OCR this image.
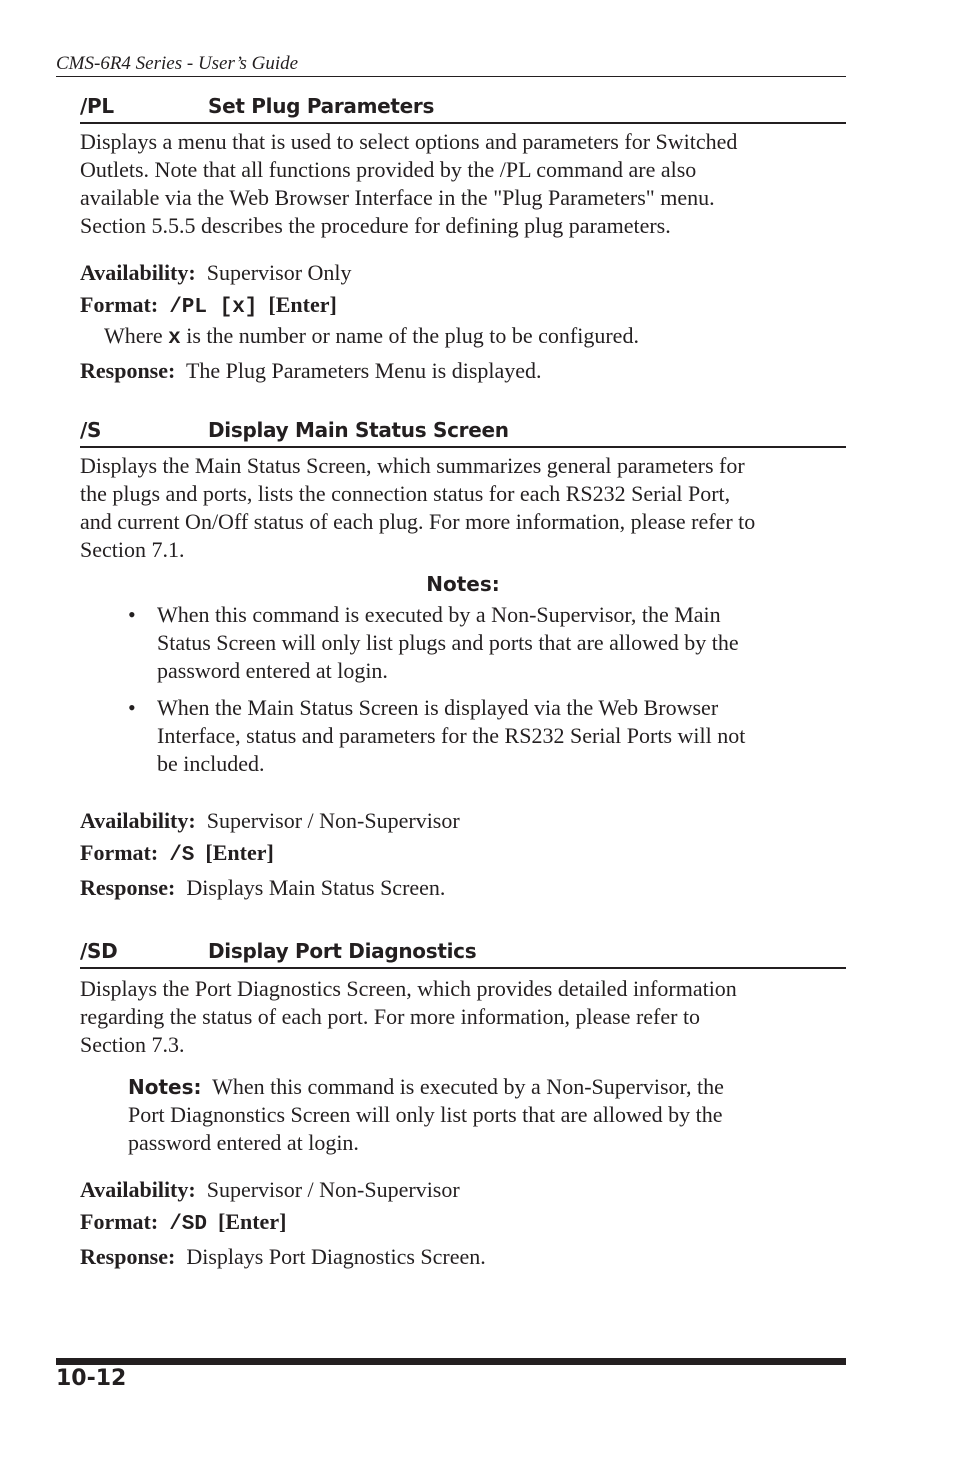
CMS-6R4 Series - User’s Guide
/PL	Set Plug Parameters
Displays a menu that is used to select options and parameters for Switched
Outlets. Note that all functions provided by the /PL command are also
available via the Web Browser Interface in the "Plug Parameters" menu.
Section 5.5.5 describes the procedure for defining plug parameters.
Availability: Supervisor Only
Format: /PL [x] [Enter]
Where x is the number or name of the plug to be configured.
Response: The Plug Parameters Menu is displayed.
/S	Display Main Status Screen
Displays the Main Status Screen, which summarizes general parameters for
the plugs and ports, lists the connection status for each RS232 Serial Port,
and current On/Off status of each plug. For more information, please refer to
Section 7.1.
Notes:
• When this command is executed by a Non-Supervisor, the Main
Status Screen will only list plugs and ports that are allowed by the
password entered at login.
• When the Main Status Screen is displayed via the Web Browser
Interface, status and parameters for the RS232 Serial Ports will not
be included.
Availability: Supervisor / Non-Supervisor
Format: /S [Enter]
Response: Displays Main Status Screen.
/SD	Display Port Diagnostics
Displays the Port Diagnostics Screen, which provides detailed information
regarding the status of each port. For more information, please refer to
Section 7.3.
Notes: When this command is executed by a Non-Supervisor, the
Port Diagnonstics Screen will only list ports that are allowed by the
password entered at login.
Availability: Supervisor / Non-Supervisor
Format: /SD [Enter]
Response: Displays Port Diagnostics Screen.
10-12
